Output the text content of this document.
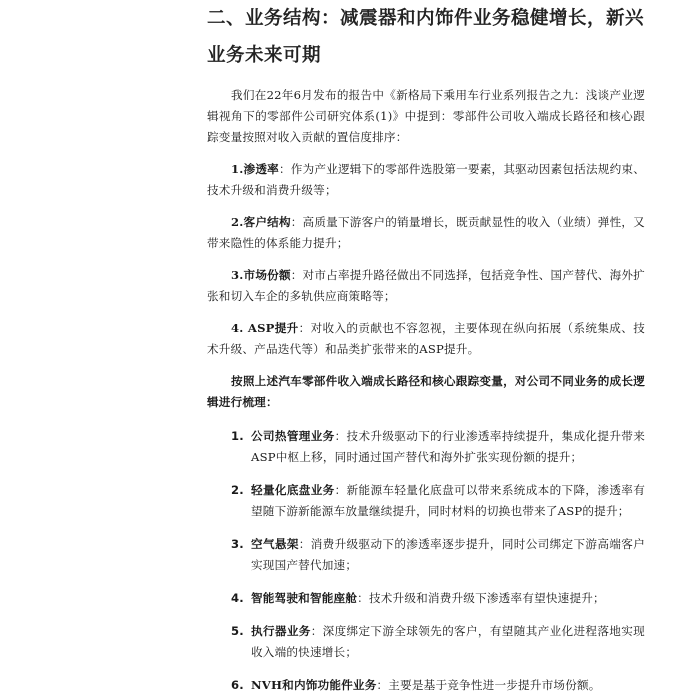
二、业务结构：减震器和内饰件业务稳健增长，新兴业务未来可期

我们在22年6月发布的报告中《新格局下乘用车行业系列报告之九：浅谈产业逻辑视角下的零部件公司研究体系(1)》中提到：零部件公司收入端成长路径和核心跟踪变量按照对收入贡献的置信度排序：

1.渗透率：作为产业逻辑下的零部件选股第一要素，其驱动因素包括法规约束、技术升级和消费升级等；

2.客户结构：高质量下游客户的销量增长，既贡献显性的收入（业绩）弹性，又带来隐性的体系能力提升；

3.市场份额：对市占率提升路径做出不同选择，包括竞争性、国产替代、海外扩张和切入车企的多轨供应商策略等；

4. ASP提升：对收入的贡献也不容忽视，主要体现在纵向拓展（系统集成、技术升级、产品迭代等）和品类扩张带来的ASP提升。

按照上述汽车零部件收入端成长路径和核心跟踪变量，对公司不同业务的成长逻辑进行梳理：

1. 公司热管理业务：技术升级驱动下的行业渗透率持续提升，集成化提升带来ASP中枢上移，同时通过国产替代和海外扩张实现份额的提升；

2. 轻量化底盘业务：新能源车轻量化底盘可以带来系统成本的下降，渗透率有望随下游新能源车放量继续提升，同时材料的切换也带来了ASP的提升；

3. 空气悬架：消费升级驱动下的渗透率逐步提升，同时公司绑定下游高端客户实现国产替代加速；

4. 智能驾驶和智能座舱：技术升级和消费升级下渗透率有望快速提升；

5. 执行器业务：深度绑定下游全球领先的客户，有望随其产业化进程落地实现收入端的快速增长；

6. NVH和内饰功能件业务：主要是基于竞争性进一步提升市场份额。
